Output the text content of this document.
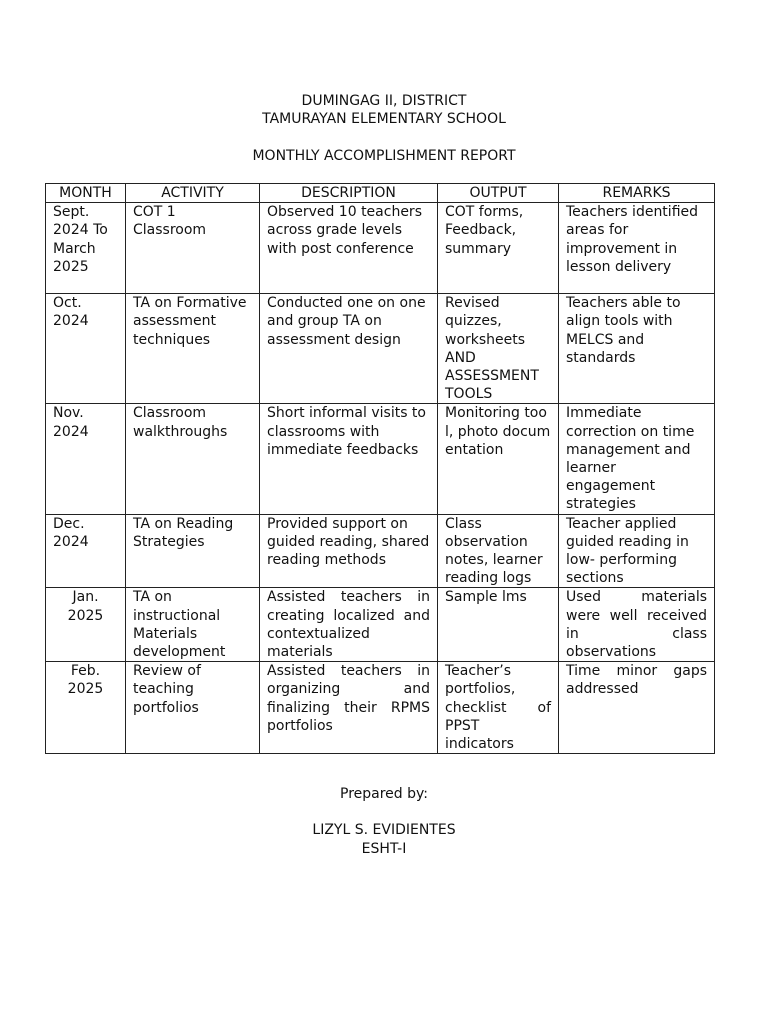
DUMINGAG II, DISTRICT
TAMURAYAN ELEMENTARY SCHOOL
MONTHLY ACCOMPLISHMENT REPORT
MONTH	ACTIVITY	DESCRIPTION	OUTPUT	REMARKS
Sept. 2024 To March 2025	COT 1 Classroom	Observed 10 teachers across grade levels with post conference	COT forms, Feedback, summary	Teachers identified areas for improvement in lesson delivery
Oct. 2024	TA on Formative assessment techniques	Conducted one on one and group TA on assessment design	Revised quizzes, worksheets AND ASSESSMENT TOOLS	Teachers able to align tools with MELCS and standards
Nov. 2024	Classroom walkthroughs	Short informal visits to classrooms with immediate feedbacks	Monitoring tool, photo documentation	Immediate correction on time management and learner engagement strategies
Dec. 2024	TA on Reading Strategies	Provided support on guided reading, shared reading methods	Class observation notes, learner reading logs	Teacher applied guided reading in low- performing sections
Jan. 2025	TA on instructional Materials development	Assisted teachers in creating localized and contextualized materials	Sample lms	Used materials were well received in class observations
Feb. 2025	Review of teaching portfolios	Assisted teachers in organizing and finalizing their RPMS portfolios	Teacher’s portfolios, checklist of PPST indicators	Time minor gaps addressed
Prepared by:
LIZYL S. EVIDIENTES
ESHT-I
